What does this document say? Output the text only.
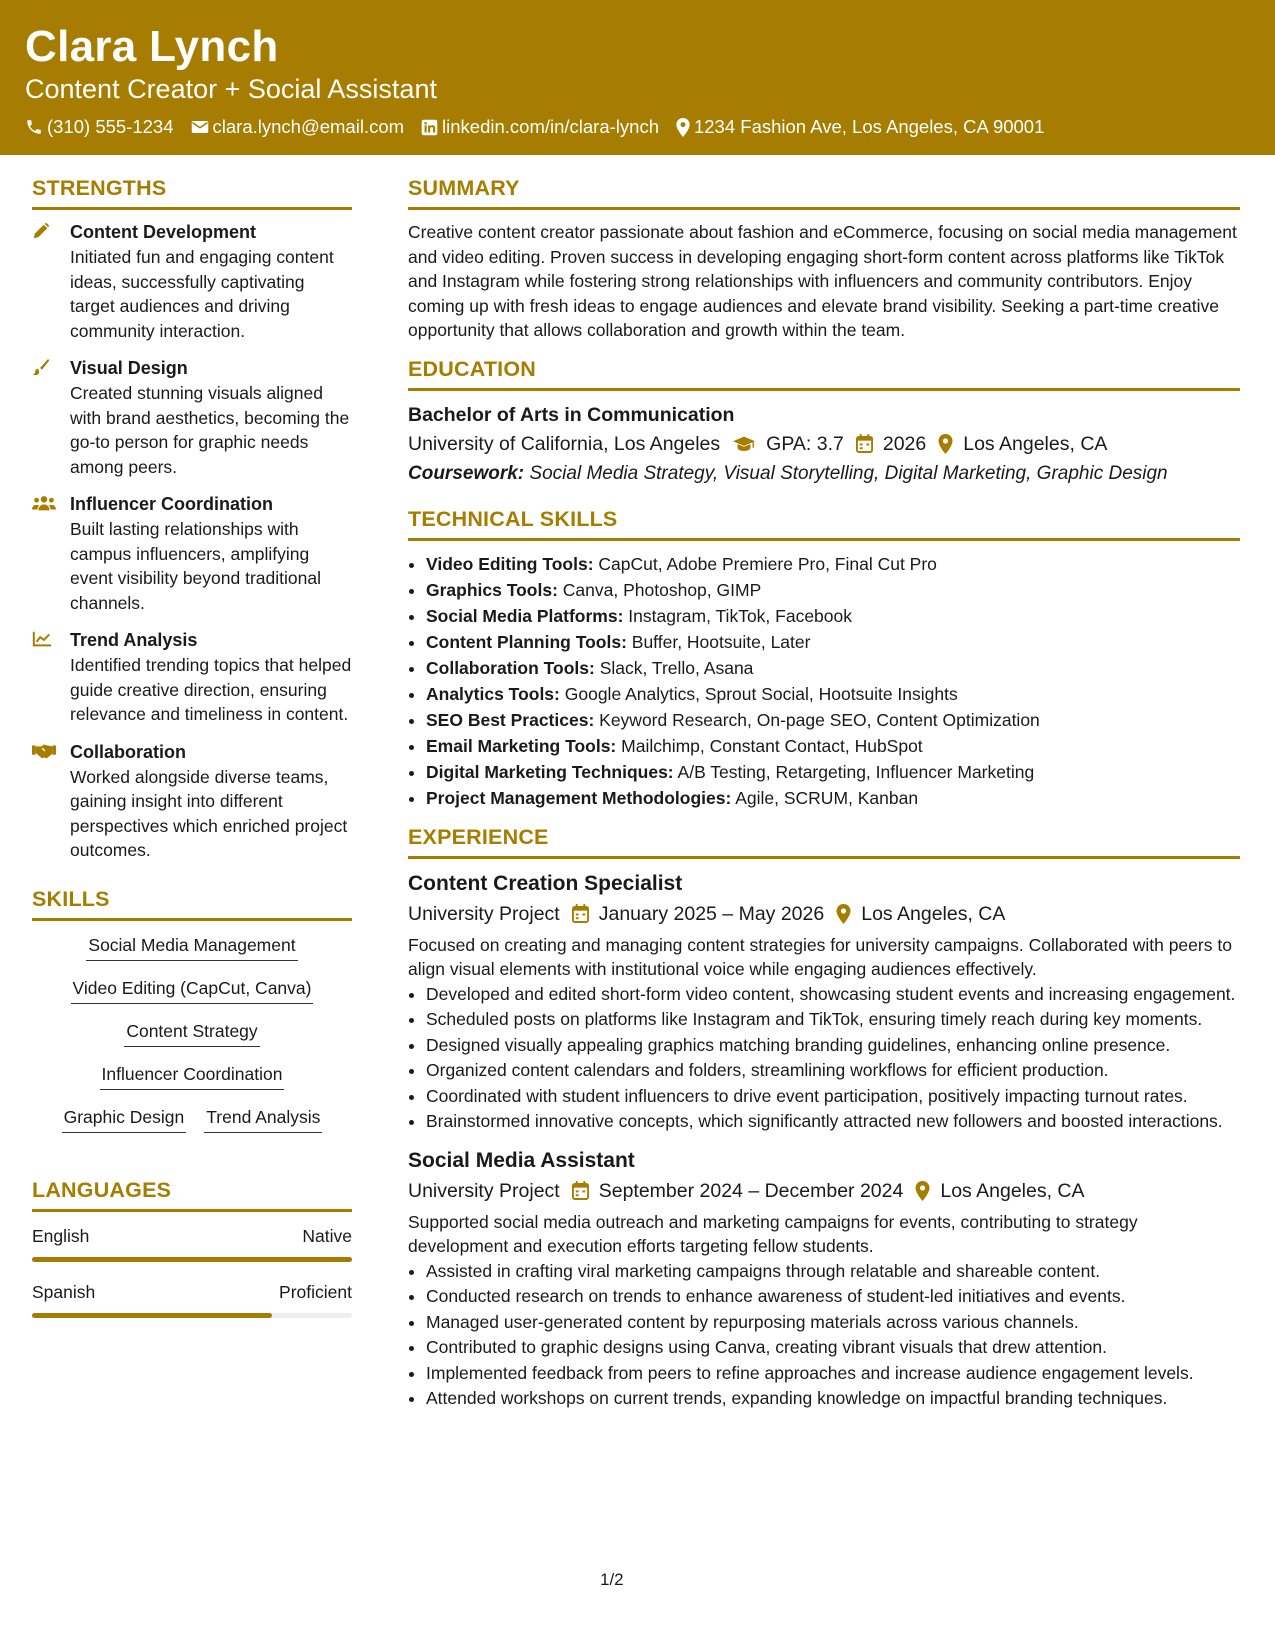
Clara Lynch
Content Creator + Social Assistant
(310) 555-1234 clara.lynch@email.com linkedin.com/in/clara-lynch 1234 Fashion Ave, Los Angeles, CA 90001
STRENGTHS
Content Development
Initiated fun and engaging content ideas, successfully captivating target audiences and driving community interaction.
Visual Design
Created stunning visuals aligned with brand aesthetics, becoming the go-to person for graphic needs among peers.
Influencer Coordination
Built lasting relationships with campus influencers, amplifying event visibility beyond traditional channels.
Trend Analysis
Identified trending topics that helped guide creative direction, ensuring relevance and timeliness in content.
Collaboration
Worked alongside diverse teams, gaining insight into different perspectives which enriched project outcomes.
SKILLS
Social Media Management
Video Editing (CapCut, Canva)
Content Strategy
Influencer Coordination
Graphic Design Trend Analysis
LANGUAGES
English	Native
Spanish	Proficient
SUMMARY
Creative content creator passionate about fashion and eCommerce, focusing on social media management and video editing. Proven success in developing engaging short-form content across platforms like TikTok and Instagram while fostering strong relationships with influencers and community contributors. Enjoy coming up with fresh ideas to engage audiences and elevate brand visibility. Seeking a part-time creative opportunity that allows collaboration and growth within the team.
EDUCATION
Bachelor of Arts in Communication
University of California, Los Angeles GPA: 3.7 2026 Los Angeles, CA
Coursework: Social Media Strategy, Visual Storytelling, Digital Marketing, Graphic Design
TECHNICAL SKILLS
• Video Editing Tools: CapCut, Adobe Premiere Pro, Final Cut Pro
• Graphics Tools: Canva, Photoshop, GIMP
• Social Media Platforms: Instagram, TikTok, Facebook
• Content Planning Tools: Buffer, Hootsuite, Later
• Collaboration Tools: Slack, Trello, Asana
• Analytics Tools: Google Analytics, Sprout Social, Hootsuite Insights
• SEO Best Practices: Keyword Research, On-page SEO, Content Optimization
• Email Marketing Tools: Mailchimp, Constant Contact, HubSpot
• Digital Marketing Techniques: A/B Testing, Retargeting, Influencer Marketing
• Project Management Methodologies: Agile, SCRUM, Kanban
EXPERIENCE
Content Creation Specialist
University Project January 2025 – May 2026 Los Angeles, CA
Focused on creating and managing content strategies for university campaigns. Collaborated with peers to align visual elements with institutional voice while engaging audiences effectively.
• Developed and edited short-form video content, showcasing student events and increasing engagement.
• Scheduled posts on platforms like Instagram and TikTok, ensuring timely reach during key moments.
• Designed visually appealing graphics matching branding guidelines, enhancing online presence.
• Organized content calendars and folders, streamlining workflows for efficient production.
• Coordinated with student influencers to drive event participation, positively impacting turnout rates.
• Brainstormed innovative concepts, which significantly attracted new followers and boosted interactions.
Social Media Assistant
University Project September 2024 – December 2024 Los Angeles, CA
Supported social media outreach and marketing campaigns for events, contributing to strategy development and execution efforts targeting fellow students.
• Assisted in crafting viral marketing campaigns through relatable and shareable content.
• Conducted research on trends to enhance awareness of student-led initiatives and events.
• Managed user-generated content by repurposing materials across various channels.
• Contributed to graphic designs using Canva, creating vibrant visuals that drew attention.
• Implemented feedback from peers to refine approaches and increase audience engagement levels.
• Attended workshops on current trends, expanding knowledge on impactful branding techniques.
1/2
